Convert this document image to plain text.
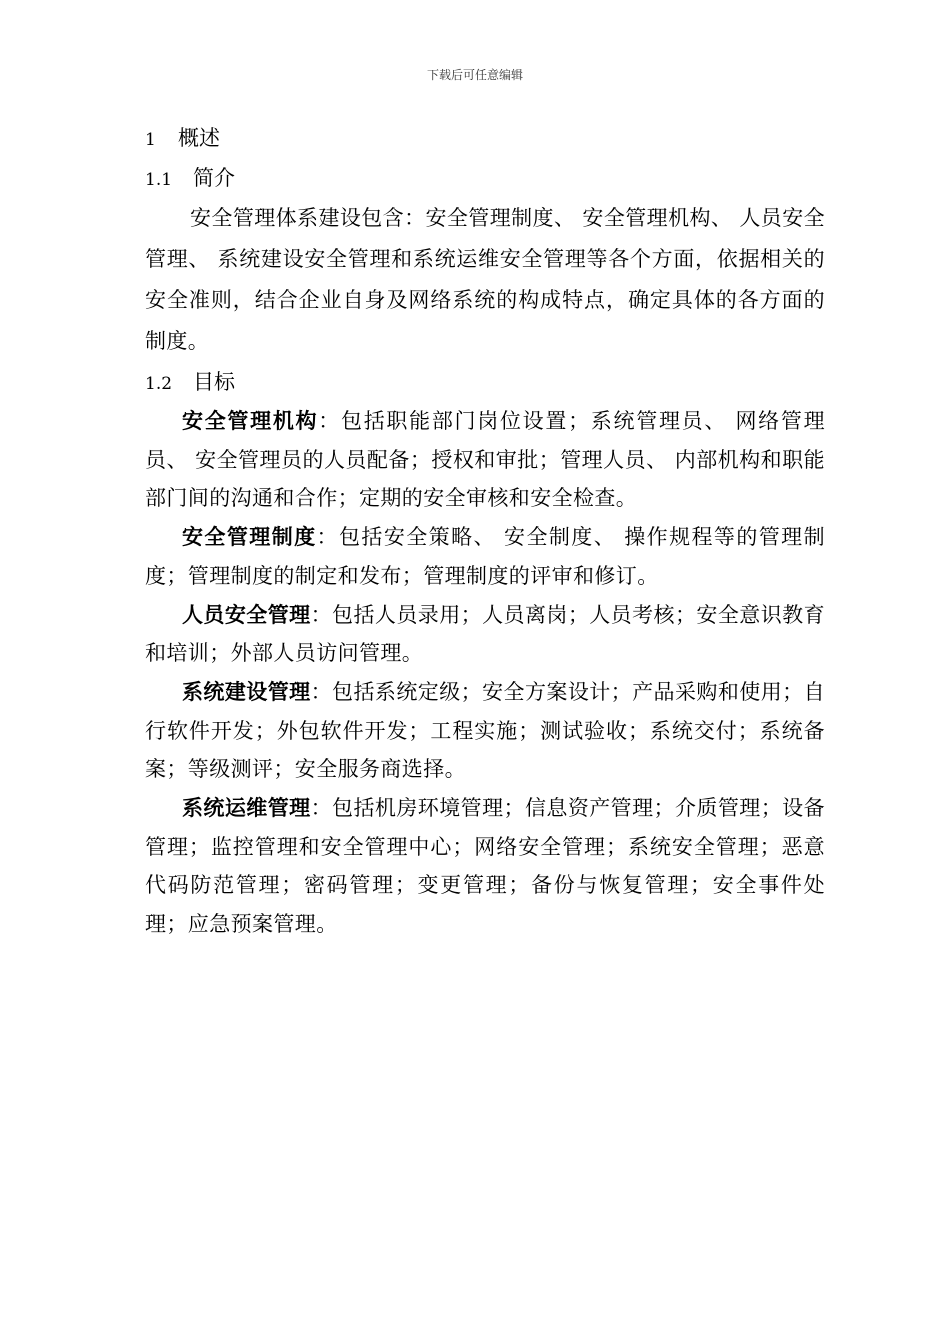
下载后可任意编辑
1 概述
1.1 简介

安全管理体系建设包含：安全管理制度、 安全管理机构、 人员安全管理、 系统建设安全管理和系统运维安全管理等各个方面，依据相关的安全准则，结合企业自身及网络系统的构成特点，确定具体的各方面的制度。

1.2 目标

安全管理机构：包括职能部门岗位设置；系统管理员、 网络管理员、 安全管理员的人员配备；授权和审批；管理人员、 内部机构和职能部门间的沟通和合作；定期的安全审核和安全检查。

安全管理制度：包括安全策略、 安全制度、 操作规程等的管理制度；管理制度的制定和发布；管理制度的评审和修订。

人员安全管理：包括人员录用；人员离岗；人员考核；安全意识教育和培训；外部人员访问管理。

系统建设管理：包括系统定级；安全方案设计；产品采购和使用；自行软件开发；外包软件开发；工程实施；测试验收；系统交付；系统备案；等级测评；安全服务商选择。

系统运维管理：包括机房环境管理；信息资产管理；介质管理；设备管理；监控管理和安全管理中心；网络安全管理；系统安全管理；恶意代码防范管理；密码管理；变更管理；备份与恢复管理；安全事件处理；应急预案管理。
